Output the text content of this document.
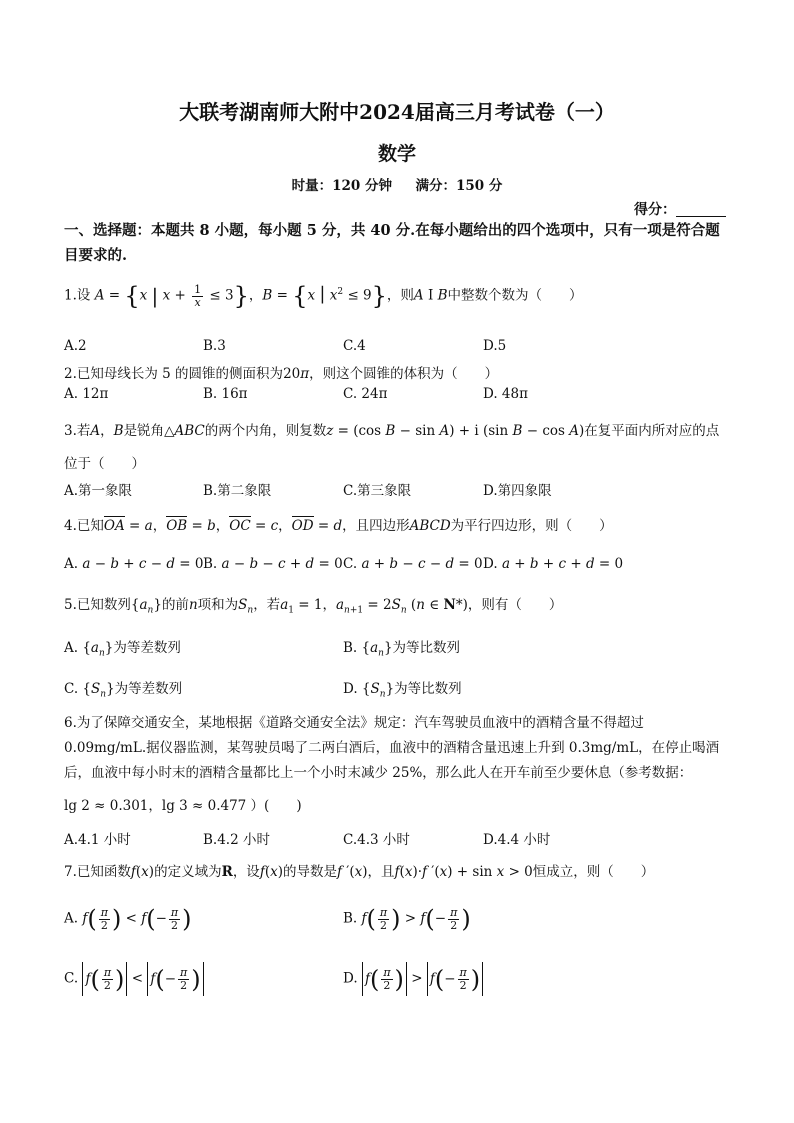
大联考湖南师大附中2024届高三月考试卷（一）
数学
时量：120 分钟 满分：150 分
得分：
一、选择题：本题共 8 小题，每小题 5 分，共 40 分.在每小题给出的四个选项中，只有一项是符合题目要求的.
1.设 A = {x | $x + \frac{1}{x} \le 3$}，B = {x | $x^2 \le 9$}，则A I B中整数个数为（　　）
A.2	B.3	C.4	D.5
2.已知母线长为 5 的圆锥的侧面积为20π，则这个圆锥的体积为（　　）
A. 12π	B. 16π	C. 24π	D. 48π
3.若A，B是锐角△ABC的两个内角，则复数z = (cos B − sin A) + i (sin B − cos A)在复平面内所对应的点
位于（　　）
A.第一象限	B.第二象限	C.第三象限	D.第四象限
4.已知OA = a，OB = b，OC = c，OD = d，且四边形ABCD为平行四边形，则（　　）
A. a − b + c − d = 0 B. a − b − c + d = 0 C. a + b − c − d = 0 D. a + b + c + d = 0
5.已知数列$\{a_n\}$的前n项和为$S_n$，若$a_1 = 1$，$a_{n+1} = 2S_n$ (n ∈ N*)，则有（　　）
A. $\{a_n\}$为等差数列	B. $\{a_n\}$为等比数列
C. $\{S_n\}$为等差数列	D. $\{S_n\}$为等比数列
6.为了保障交通安全，某地根据《道路交通安全法》规定：汽车驾驶员血液中的酒精含量不得超过
0.09mg/mL.据仪器监测，某驾驶员喝了二两白酒后，血液中的酒精含量迅速上升到 0.3mg/mL，在停止喝酒
后，血液中每小时末的酒精含量都比上一个小时末减少 25%，那么此人在开车前至少要休息（参考数据：
lg 2 ≈ 0.301，lg 3 ≈ 0.477 ）(　　)
A.4.1 小时	B.4.2 小时	C.4.3 小时	D.4.4 小时
7.已知函数f(x)的定义域为R，设f(x)的导数是f ′(x)，且f(x)·f ′(x) + sin x > 0恒成立，则（　　）
A. $f( \frac{\pi}{2}$ ) < $f(- \frac{\pi}{2}$ )	B. $f( \frac{\pi}{2}$ ) > $f(- \frac{\pi}{2}$ )
C. $f( \frac{\pi}{2}$ ) < $f(- \frac{\pi}{2}$ )	D. $f( \frac{\pi}{2}$ ) > $f(- \frac{\pi}{2}$ )
